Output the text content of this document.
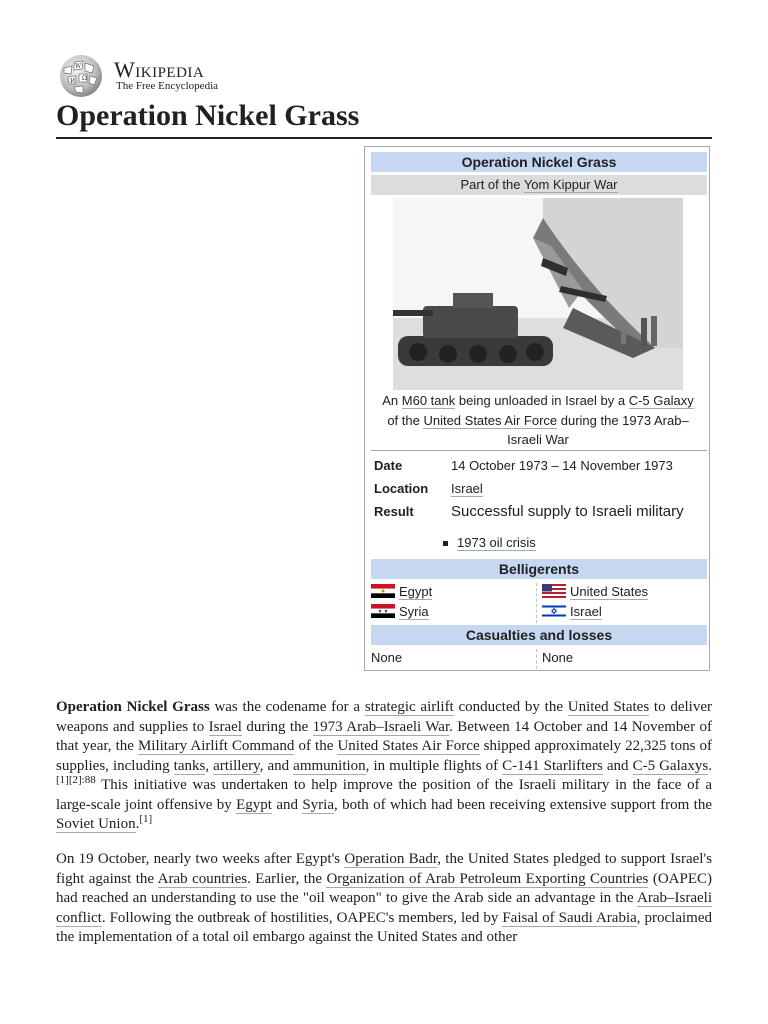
W
Ω
И Wikipedia
The Free Encyclopedia
Operation Nickel Grass
Operation Nickel Grass
Part of the Yom Kippur War
An M60 tank being unloaded in Israel by a C-5 Galaxy
of the United States Air Force during the 1973 Arab–Israeli War
Date	14 October 1973 – 14 November 1973
Location Israel
Result Successful supply to Israeli military
1973 oil crisis
Belligerents
Egypt
Syria
United States
Israel
Casualties and losses
None	None

Operation Nickel Grass was the codename for a strategic airlift conducted by the United States to deliver weapons and supplies to Israel during the 1973 Arab–Israeli War. Between 14 October and 14 November of that year, the Military Airlift Command of the United States Air Force shipped approximately 22,325 tons of supplies, including tanks, artillery, and ammunition, in multiple flights of C-141 Starlifters and C-5 Galaxys.$^{[1][2]:88}$ This initiative was undertaken to help improve the position of the Israeli military in the face of a large-scale joint offensive by Egypt and Syria, both of which had been receiving extensive support from the Soviet Union.[1]

On 19 October, nearly two weeks after Egypt's Operation Badr, the United States pledged to support Israel's fight against the Arab countries. Earlier, the Organization of Arab Petroleum Exporting Countries (OAPEC) had reached an understanding to use the "oil weapon" to give the Arab side an advantage in the Arab–Israeli conflict. Following the outbreak of hostilities, OAPEC's members, led by Faisal of Saudi Arabia, proclaimed the implementation of a total oil embargo against the United States and other
